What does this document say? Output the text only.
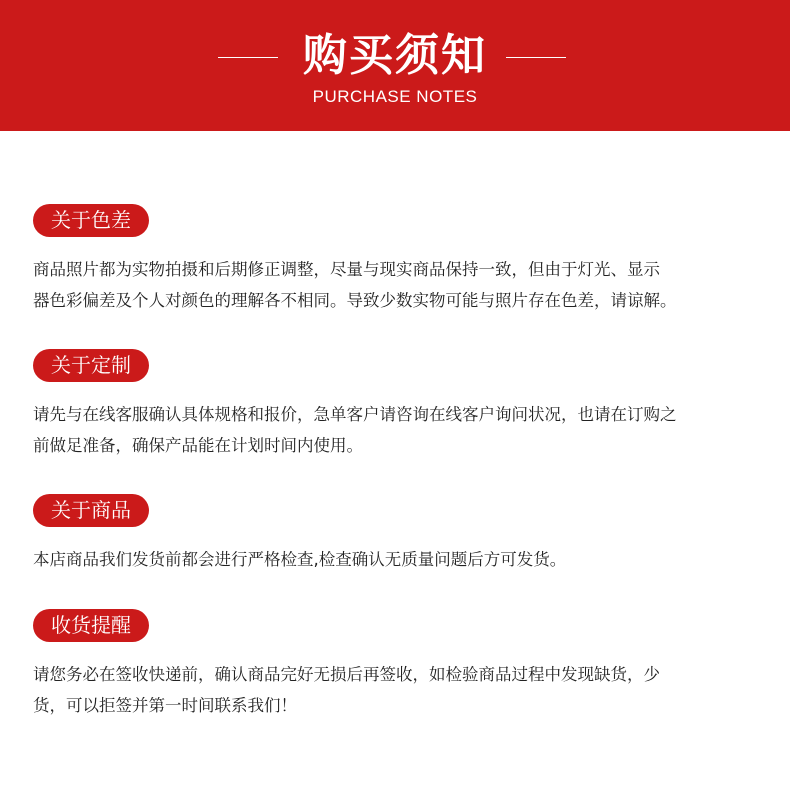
购买须知
PURCHASE NOTES
关于色差
商品照片都为实物拍摄和后期修正调整，尽量与现实商品保持一致，但由于灯光、显示
器色彩偏差及个人对颜色的理解各不相同。导致少数实物可能与照片存在色差，请谅解。
关于定制
请先与在线客服确认具体规格和报价，急单客户请咨询在线客户询问状况，也请在订购之
前做足准备，确保产品能在计划时间内使用。
关于商品
本店商品我们发货前都会进行严格检查,检查确认无质量问题后方可发货。
收货提醒
请您务必在签收快递前，确认商品完好无损后再签收，如检验商品过程中发现缺货，少
货，可以拒签并第一时间联系我们！
